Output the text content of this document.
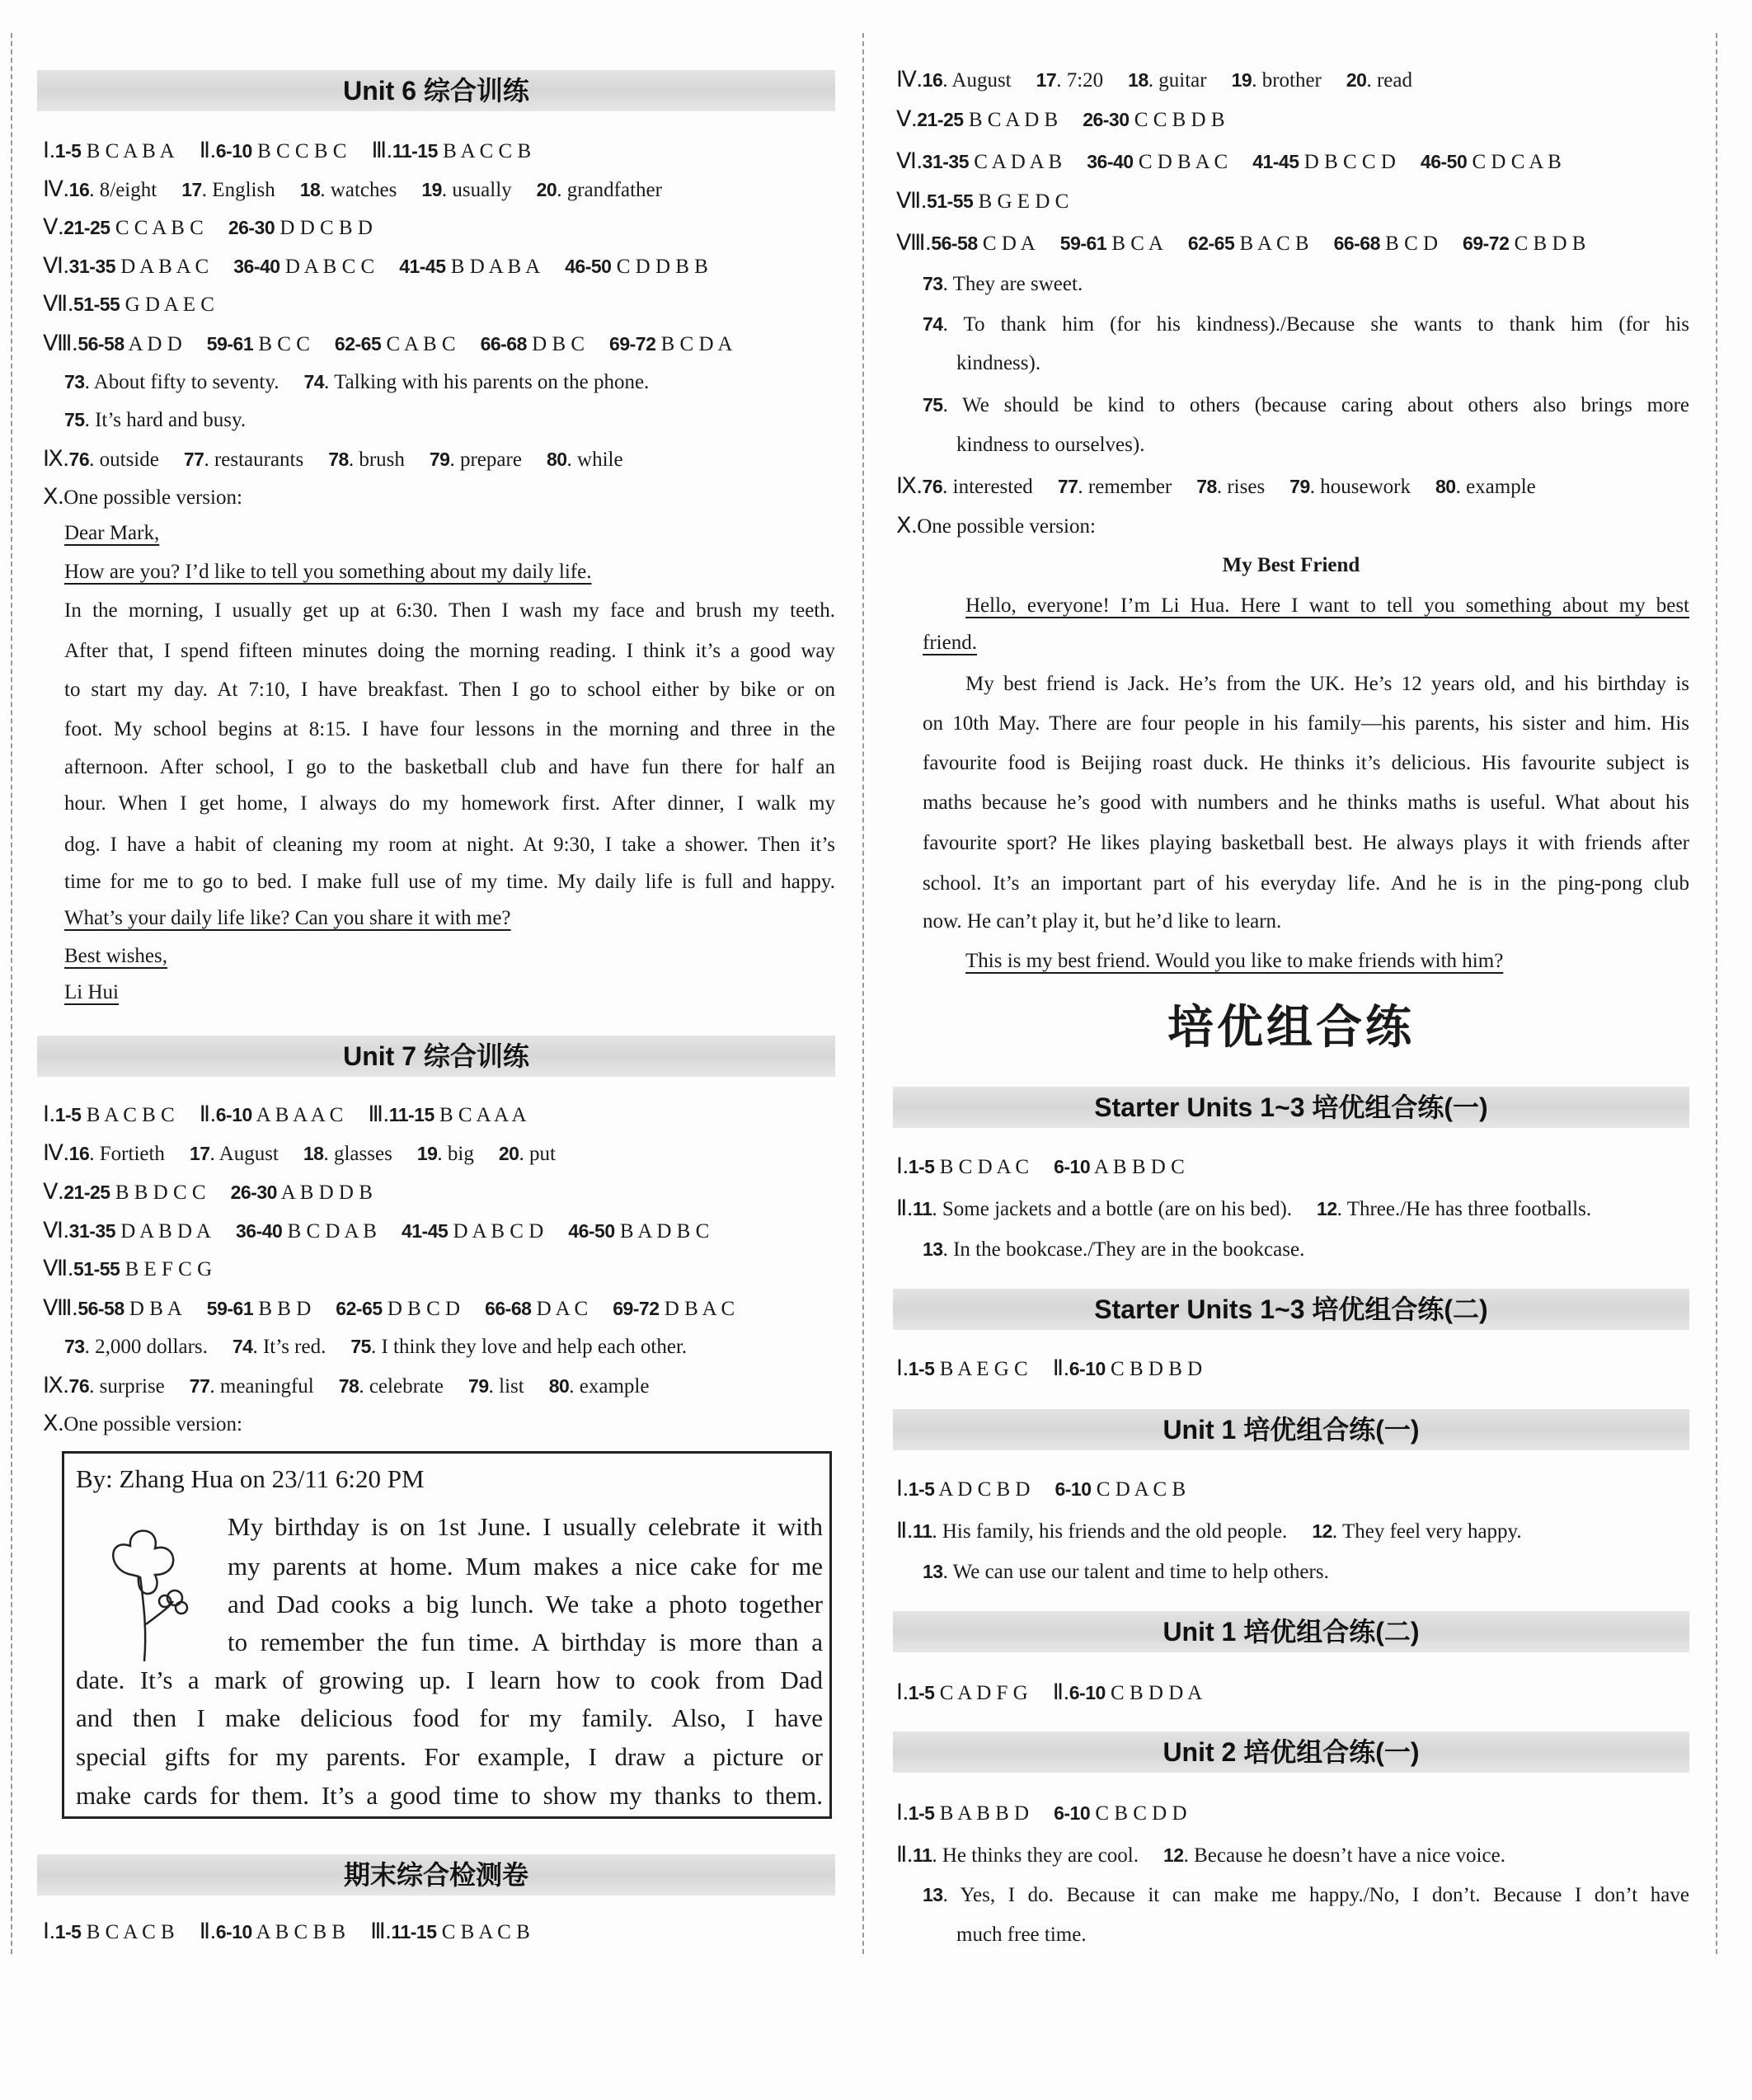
By: Zhang Hua on 23/11 6:20 PM
My birthday is on 1st June. I usually celebrate it with
my parents at home. Mum makes a nice cake for me
and Dad cooks a big lunch. We take a photo together
to remember the fun time. A birthday is more than a
date. It’s a mark of growing up. I learn how to cook from Dad
and then I make delicious food for my family. Also, I have
special gifts for my parents. For example, I draw a picture or
make cards for them. It’s a good time to show my thanks to them.
Unit 6 综合训练
Ⅰ.1-5 B C A B A Ⅱ.6-10 B C C B C Ⅲ.11-15 B A C C B
Ⅳ.16. 8/eight 17. English 18. watches 19. usually 20. grandfather
Ⅴ.21-25 C C A B C 26-30 D D C B D
Ⅵ.31-35 D A B A C 36-40 D A B C C 41-45 B D A B A 46-50 C D D B B
Ⅶ.51-55 G D A E C
Ⅷ.56-58 A D D 59-61 B C C 62-65 C A B C 66-68 D B C 69-72 B C D A
73. About fifty to seventy. 74. Talking with his parents on the phone.
75. It’s hard and busy.
Ⅸ.76. outside 77. restaurants 78. brush 79. prepare 80. while
Ⅹ.One possible version:
Dear Mark,
How are you? I’d like to tell you something about my daily life.
In the morning, I usually get up at 6:30. Then I wash my face and brush my teeth.
After that, I spend fifteen minutes doing the morning reading. I think it’s a good way
to start my day. At 7:10, I have breakfast. Then I go to school either by bike or on
foot. My school begins at 8:15. I have four lessons in the morning and three in the
afternoon. After school, I go to the basketball club and have fun there for half an
hour. When I get home, I always do my homework first. After dinner, I walk my
dog. I have a habit of cleaning my room at night. At 9:30, I take a shower. Then it’s
time for me to go to bed. I make full use of my time. My daily life is full and happy.
What’s your daily life like? Can you share it with me?
Best wishes,
Li Hui
Unit 7 综合训练
Ⅰ.1-5 B A C B C Ⅱ.6-10 A B A A C Ⅲ.11-15 B C A A A
Ⅳ.16. Fortieth 17. August 18. glasses 19. big 20. put
Ⅴ.21-25 B B D C C 26-30 A B D D B
Ⅵ.31-35 D A B D A 36-40 B C D A B 41-45 D A B C D 46-50 B A D B C
Ⅶ.51-55 B E F C G
Ⅷ.56-58 D B A 59-61 B B D 62-65 D B C D 66-68 D A C 69-72 D B A C
73. 2,000 dollars. 74. It’s red. 75. I think they love and help each other.
Ⅸ.76. surprise 77. meaningful 78. celebrate 79. list 80. example
Ⅹ.One possible version:
期末综合检测卷
Ⅰ.1-5 B C A C B Ⅱ.6-10 A B C B B Ⅲ.11-15 C B A C B
Ⅳ.16. August 17. 7:20 18. guitar 19. brother 20. read
Ⅴ.21-25 B C A D B 26-30 C C B D B
Ⅵ.31-35 C A D A B 36-40 C D B A C 41-45 D B C C D 46-50 C D C A B
Ⅶ.51-55 B G E D C
Ⅷ.56-58 C D A 59-61 B C A 62-65 B A C B 66-68 B C D 69-72 C B D B
73. They are sweet.
74. To thank him (for his kindness)./Because she wants to thank him (for his
kindness).
75. We should be kind to others (because caring about others also brings more
kindness to ourselves).
Ⅸ.76. interested 77. remember 78. rises 79. housework 80. example
Ⅹ.One possible version:
My Best Friend
Hello, everyone! I’m Li Hua. Here I want to tell you something about my best
friend.
My best friend is Jack. He’s from the UK. He’s 12 years old, and his birthday is
on 10th May. There are four people in his family—his parents, his sister and him. His
favourite food is Beijing roast duck. He thinks it’s delicious. His favourite subject is
maths because he’s good with numbers and he thinks maths is useful. What about his
favourite sport? He likes playing basketball best. He always plays it with friends after
school. It’s an important part of his everyday life. And he is in the ping-pong club
now. He can’t play it, but he’d like to learn.
This is my best friend. Would you like to make friends with him?
培优组合练
Starter Units 1~3 培优组合练(一)
Ⅰ.1-5 B C D A C 6-10 A B B D C
Ⅱ.11. Some jackets and a bottle (are on his bed). 12. Three./He has three footballs.
13. In the bookcase./They are in the bookcase.
Starter Units 1~3 培优组合练(二)
Ⅰ.1-5 B A E G C Ⅱ.6-10 C B D B D
Unit 1 培优组合练(一)
Ⅰ.1-5 A D C B D 6-10 C D A C B
Ⅱ.11. His family, his friends and the old people. 12. They feel very happy.
13. We can use our talent and time to help others.
Unit 1 培优组合练(二)
Ⅰ.1-5 C A D F G Ⅱ.6-10 C B D D A
Unit 2 培优组合练(一)
Ⅰ.1-5 B A B B D 6-10 C B C D D
Ⅱ.11. He thinks they are cool. 12. Because he doesn’t have a nice voice.
13. Yes, I do. Because it can make me happy./No, I don’t. Because I don’t have
much free time.
